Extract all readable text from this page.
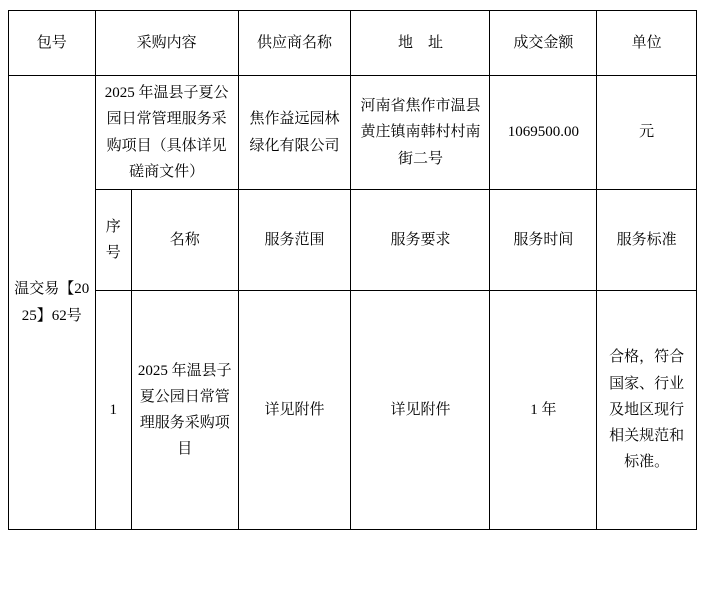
包号	采购内容		供应商名称	地　址	成交金额	单位
温交易【2025】62号	2025 年温县子夏公园日常管理服务采购项目（具体详见磋商文件）		焦作益远园林绿化有限公司	河南省焦作市温县黄庄镇南韩村村南街二号	1069500.00	元
	序号	名称	服务范围	服务要求	服务时间	服务标准
	1	2025 年温县子夏公园日常管理服务采购项目	详见附件	详见附件	1 年	合格，符合国家、行业及地区现行相关规范和标准。
